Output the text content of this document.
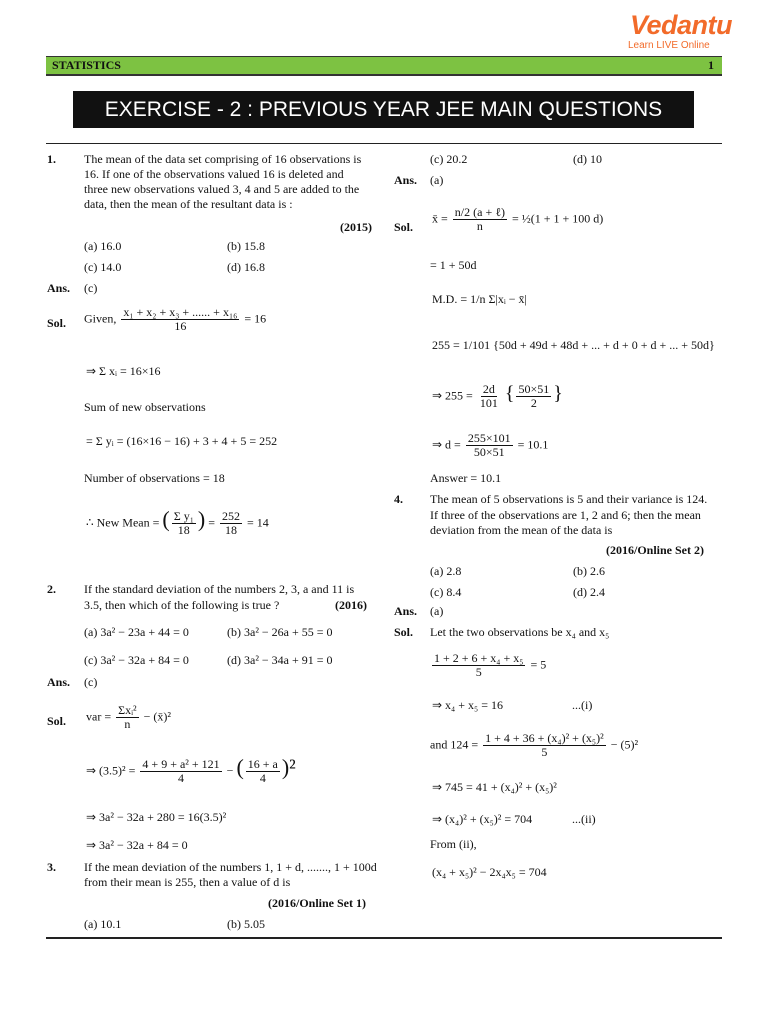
Vedantu
Learn LIVE Online
STATISTICS	1
EXERCISE - 2 : PREVIOUS YEAR JEE MAIN QUESTIONS
1. The mean of the data set comprising of 16 observations is
16. If one of the observations valued 16 is deleted and
three new observations valued 3, 4 and 5 are added to the
data, then the mean of the resultant data is :
(2015)
(a) 16.0	(b) 15.8
(c) 14.0	(d) 16.8
Ans. (c)
Sol. Given, $\frac{\text{x₁ + x₂ + x₃ + ...... + x₁₆}}{16} = 16$
⇒ Σ xᵢ = 16×16
Sum of new observations
= Σ yᵢ = (16×16 − 16) + 3 + 4 + 5 = 252
Number of observations = 18
∴ New Mean = ( $\frac{\text{Σ y₁}}{18}$ ) = $\frac{252}{18} = 14$
2. If the standard deviation of the numbers 2, 3, a and 11 is
3.5, then which of the following is true ?	(2016)
(a) 3a² − 23a + 44 = 0	(b) 3a² − 26a + 55 = 0
(c) 3a² − 32a + 84 = 0	(d) 3a² − 34a + 91 = 0
Ans. (c)
Sol. var = $\frac{\text{Σxᵢ²}}{n}$ − (x̄)²
⇒ $(3.5)^2 = \frac{\text{4 + 9 + a² + 121}}{4}$ − ( $\frac{16 + a}{4} )^2$
⇒ 3a² − 32a + 280 = 16(3.5)²
⇒ 3a² − 32a + 84 = 0
3. If the mean deviation of the numbers 1, 1 + d, ......., 1 + 100d
from their mean is 255, then a value of d is
(2016/Online Set 1)
(a) 10.1	(b) 5.05
(c) 20.2	(d) 10
Ans. (a)
Sol.
x̄ = $\frac{\text{n/2 (a + ℓ)}}{n}$ = ½(1 + 1 + 100 d)
= 1 + 50d
M.D. = 1/n Σ|xᵢ − x̄|
255 = 1/101 {50d + 49d + 48d + ... + d + 0 + d + ... + 50d}
⇒ $255 = \frac{2d}{101}$ { $\frac{50\times 51}{2}$ }
⇒ $d = \frac{255\times 101}{50\times 51} = 10.1$
Answer = 10.1
4. The mean of 5 observations is 5 and their variance is 124.
If three of the observations are 1, 2 and 6; then the mean
deviation from the mean of the data is
(2016/Online Set 2)
(a) 2.8	(b) 2.6
(c) 8.4	(d) 2.4
Ans. (a)
Sol. Let the two observations be x₄ and x₅
$\frac{\text{1 + 2 + 6 + x₄ + x₅}}{5} = 5$
⇒ x₄ + x₅ = 16	...(i)
and $124 = \frac{\text{1 + 4 + 36 + (x₄)² + (x₅)²}}{5} - (5)^2$
⇒ 745 = 41 + (x₄)² + (x₅)²
⇒ (x₄)² + (x₅)² = 704	...(ii)
From (ii),
(x₄ + x₅)² − 2x₄x₅ = 704
